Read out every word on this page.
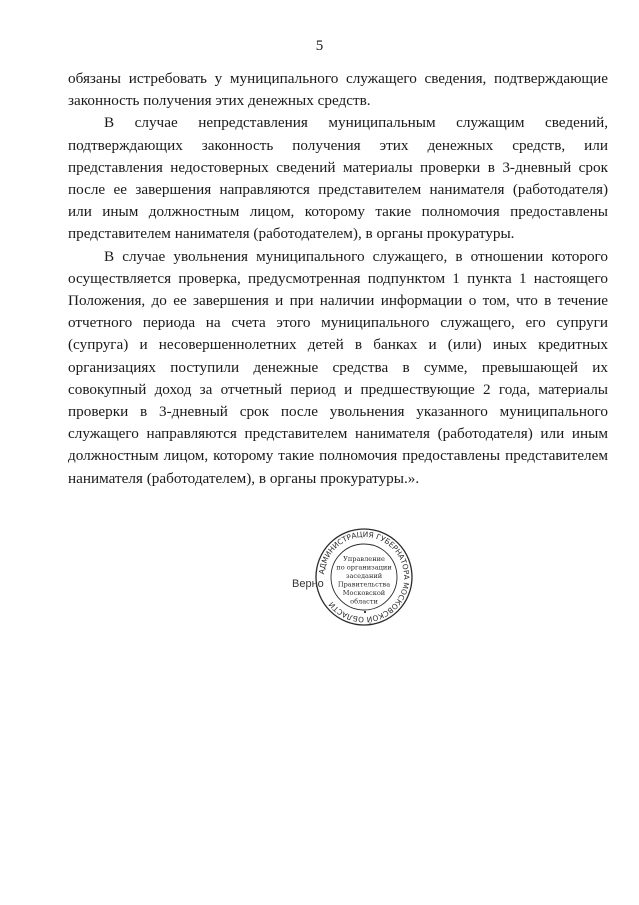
5

обязаны истребовать у муниципального служащего сведения, подтверждающие законность получения этих денежных средств.

В случае непредставления муниципальным служащим сведений, подтверждающих законность получения этих денежных средств, или представления недостоверных сведений материалы проверки в 3-дневный срок после ее завершения направляются представителем нанимателя (работодателя) или иным должностным лицом, которому такие полномочия предоставлены представителем нанимателя (работодателем), в органы прокуратуры.

В случае увольнения муниципального служащего, в отношении которого осуществляется проверка, предусмотренная подпунктом 1 пункта 1 настоящего Положения, до ее завершения и при наличии информации о том, что в течение отчетного периода на счета этого муниципального служащего, его супруги (супруга) и несовершеннолетних детей в банках и (или) иных кредитных организациях поступили денежные средства в сумме, превышающей их совокупный доход за отчетный период и предшествующие 2 года, материалы проверки в 3-дневный срок после увольнения указанного муниципального служащего направляются представителем нанимателя (работодателя) или иным должностным лицом, которому такие полномочия предоставлены представителем нанимателя (работодателем), в органы прокуратуры.».

АДМИНИСТРАЦИЯ ГУБЕРНАТОРА МОСКОВСКОЙ ОБЛАСТИ
Управление
по организации
заседаний
Правительства
Московской
области
Верно
